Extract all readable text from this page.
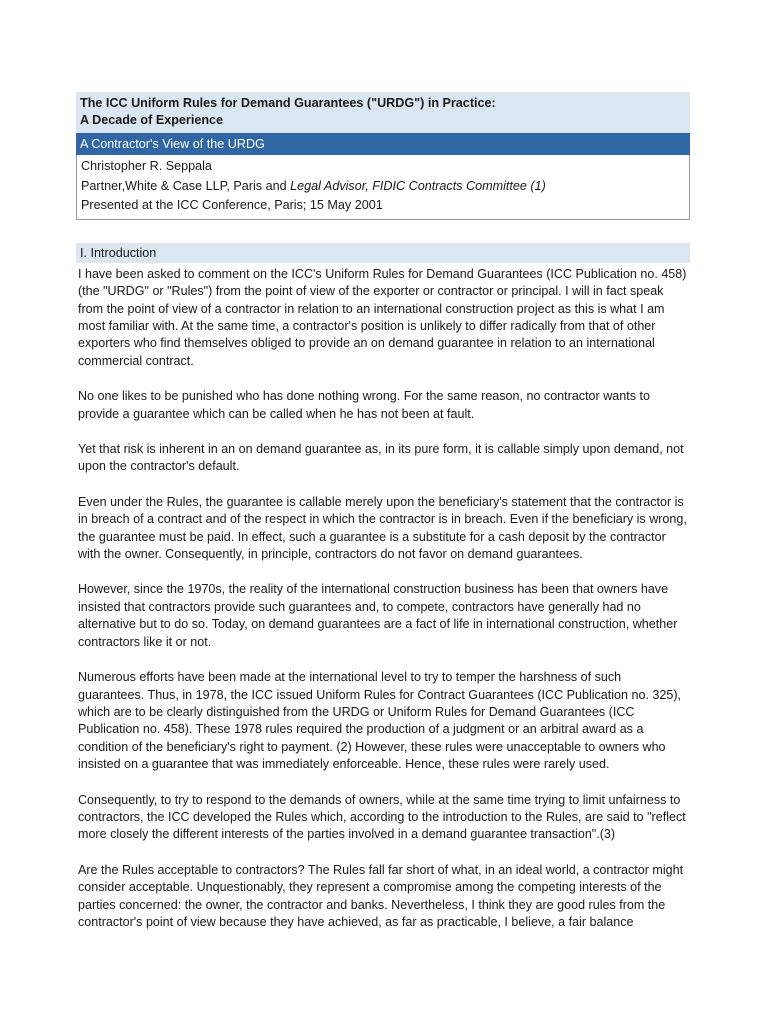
The ICC Uniform Rules for Demand Guarantees ("URDG") in Practice:
A Decade of Experience
A Contractor's View of the URDG
Christopher R. Seppala
Partner,White & Case LLP, Paris and Legal Advisor, FIDIC Contracts Committee (1)
Presented at the ICC Conference, Paris; 15 May 2001
I. Introduction

I have been asked to comment on the ICC's Uniform Rules for Demand Guarantees (ICC Publication no. 458) (the "URDG" or "Rules") from the point of view of the exporter or contractor or principal. I will in fact speak from the point of view of a contractor in relation to an international construction project as this is what I am most familiar with. At the same time, a contractor's position is unlikely to differ radically from that of other exporters who find themselves obliged to provide an on demand guarantee in relation to an international commercial contract.

No one likes to be punished who has done nothing wrong. For the same reason, no contractor wants to provide a guarantee which can be called when he has not been at fault.

Yet that risk is inherent in an on demand guarantee as, in its pure form, it is callable simply upon demand, not upon the contractor's default.

Even under the Rules, the guarantee is callable merely upon the beneficiary's statement that the contractor is in breach of a contract and of the respect in which the contractor is in breach. Even if the beneficiary is wrong, the guarantee must be paid. In effect, such a guarantee is a substitute for a cash deposit by the contractor with the owner. Consequently, in principle, contractors do not favor on demand guarantees.

However, since the 1970s, the reality of the international construction business has been that owners have insisted that contractors provide such guarantees and, to compete, contractors have generally had no alternative but to do so. Today, on demand guarantees are a fact of life in international construction, whether contractors like it or not.

Numerous efforts have been made at the international level to try to temper the harshness of such guarantees. Thus, in 1978, the ICC issued Uniform Rules for Contract Guarantees (ICC Publication no. 325), which are to be clearly distinguished from the URDG or Uniform Rules for Demand Guarantees (ICC Publication no. 458). These 1978 rules required the production of a judgment or an arbitral award as a condition of the beneficiary's right to payment. (2) However, these rules were unacceptable to owners who insisted on a guarantee that was immediately enforceable. Hence, these rules were rarely used.

Consequently, to try to respond to the demands of owners, while at the same time trying to limit unfairness to contractors, the ICC developed the Rules which, according to the introduction to the Rules, are said to "reflect more closely the different interests of the parties involved in a demand guarantee transaction".(3)

Are the Rules acceptable to contractors? The Rules fall far short of what, in an ideal world, a contractor might consider acceptable. Unquestionably, they represent a compromise among the competing interests of the parties concerned: the owner, the contractor and banks. Nevertheless, I think they are good rules from the contractor's point of view because they have achieved, as far as practicable, I believe, a fair balance
